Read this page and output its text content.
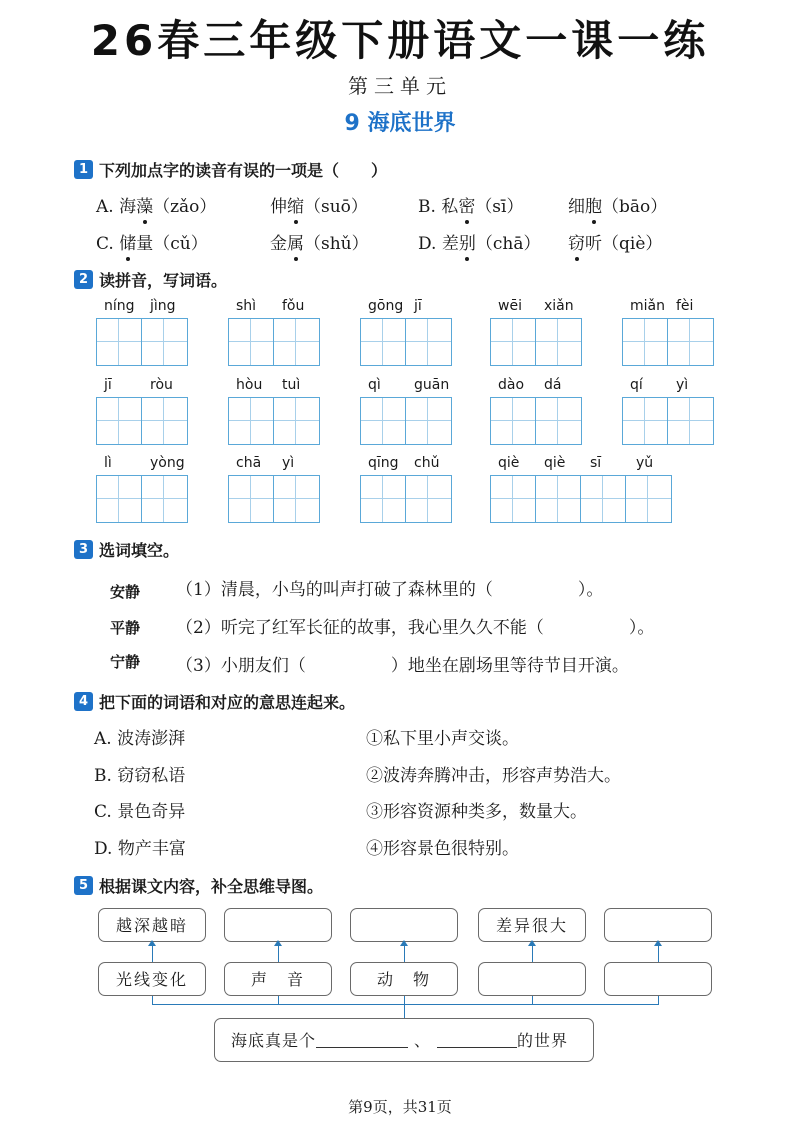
26春三年级下册语文一课一练
第三单元
9 海底世界
1 下列加点字的读音有误的一项是（　　）
A. 海藻（zǎo）	伸缩（suō）	B. 私密（sī）	细胞（bāo）
C. 储量（cǔ）	金属（shǔ）	D. 差别（chā） 窃听（qiè）
2 读拼音，写词语。
níng jìng	shì fǒu	gōng jī	wēi xiǎn	miǎn fèi
jī	ròu	hòu tuì	qì guān	dào dá	qí yì
lì	yòng	chā yì	qīng chǔ	qiè qiè sī yǔ
3 选词填空。
安静
平静
宁静
（1）清晨，小鸟的叫声打破了森林里的（　　　　　）。
（2）听完了红军长征的故事，我心里久久不能（　　　　　）。
（3）小朋友们（　　　　　）地坐在剧场里等待节目开演。
4 把下面的词语和对应的意思连起来。
A. 波涛澎湃
B. 窃窃私语
C. 景色奇异
D. 物产丰富
①私下里小声交谈。
②波涛奔腾冲击，形容声势浩大。
③形容资源种类多，数量大。
④形容景色很特别。
5 根据课文内容，补全思维导图。
越深越暗	差异很大
光线变化	声　音	动　物
海底真是个	、	的世界
第9页，共31页
